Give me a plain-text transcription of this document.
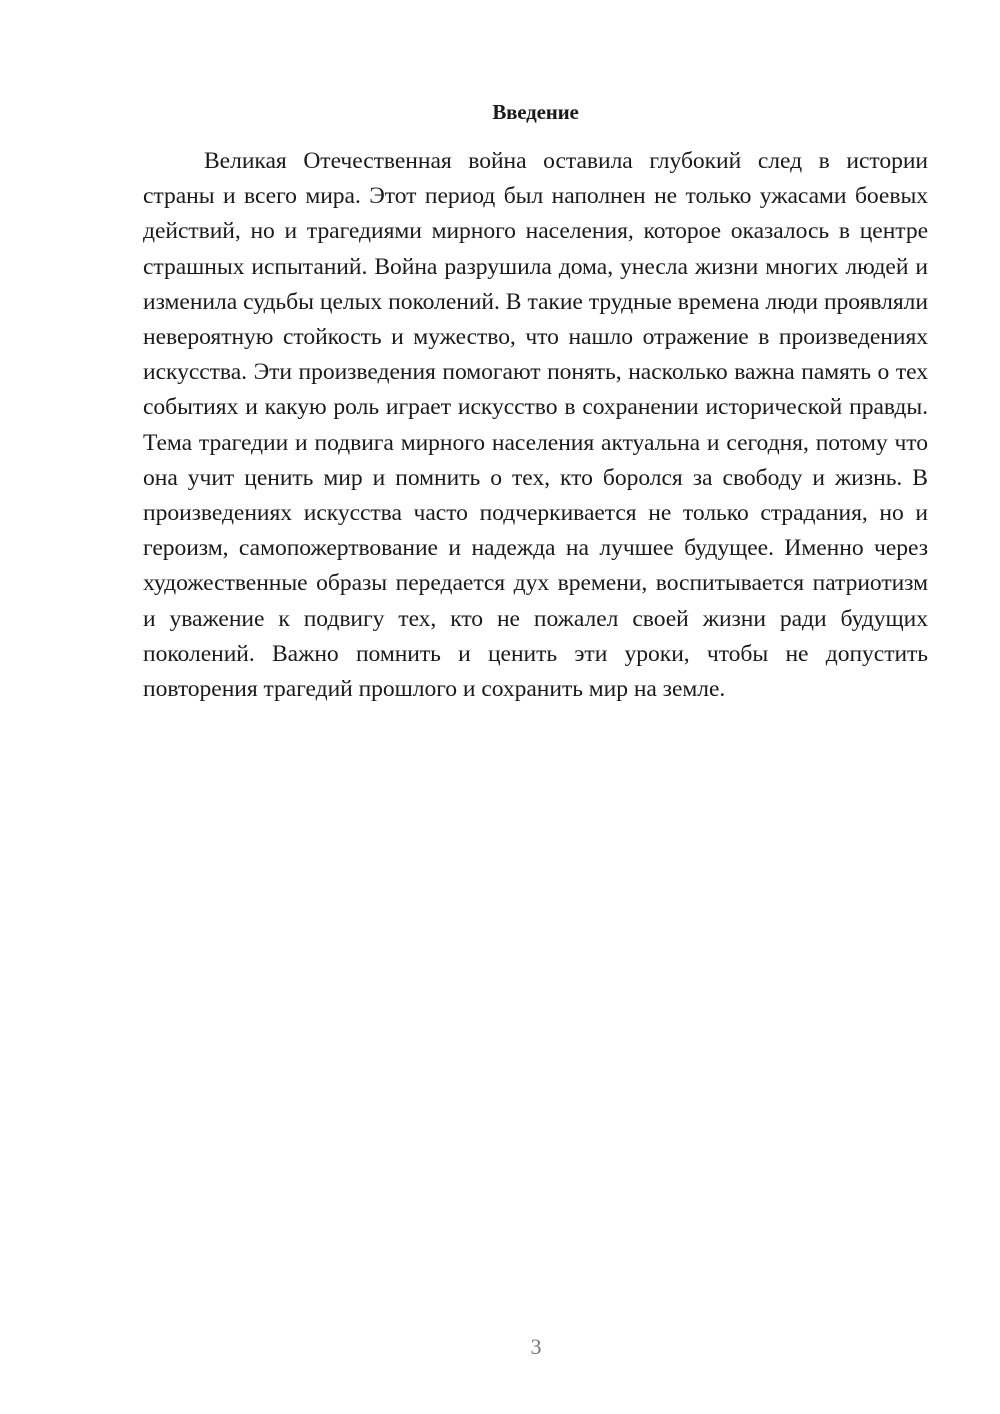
Введение

Великая Отечественная война оставила глубокий след в истории страны и всего мира. Этот период был наполнен не только ужасами боевых действий, но и трагедиями мирного населения, которое оказалось в центре страшных испытаний. Война разрушила дома, унесла жизни многих людей и изменила судьбы целых поколений. В такие трудные времена люди проявляли невероятную стойкость и мужество, что нашло отражение в произведениях искусства. Эти произведения помогают понять, насколько важна память о тех событиях и какую роль играет искусство в сохранении исторической правды. Тема трагедии и подвига мирного населения актуальна и сегодня, потому что она учит ценить мир и помнить о тех, кто боролся за свободу и жизнь. В произведениях искусства часто подчеркивается не только страдания, но и героизм, самопожертвование и надежда на лучшее будущее. Именно через художественные образы передается дух времени, воспитывается патриотизм и уважение к подвигу тех, кто не пожалел своей жизни ради будущих поколений. Важно помнить и ценить эти уроки, чтобы не допустить повторения трагедий прошлого и сохранить мир на земле.

3
